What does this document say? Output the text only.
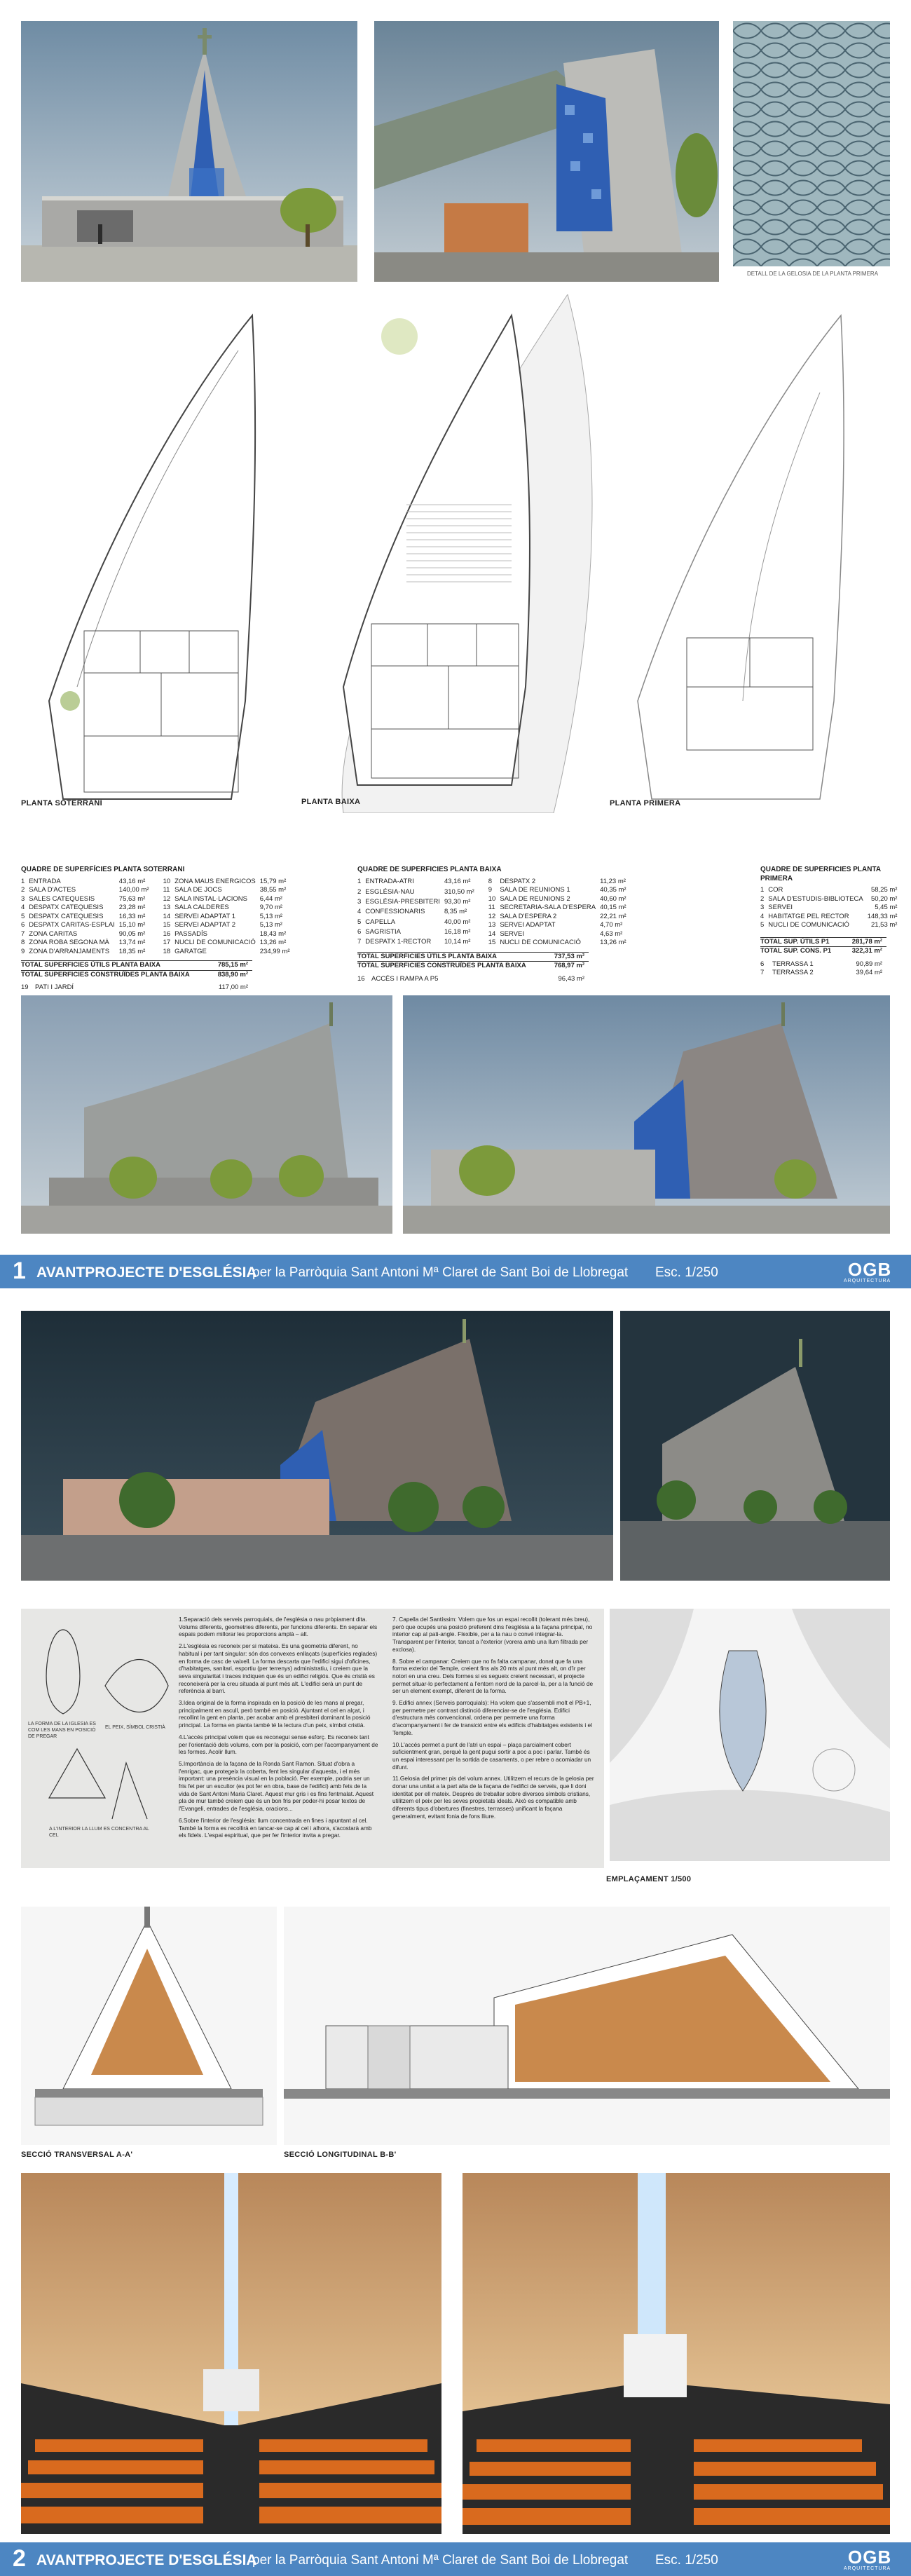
DETALL DE LA GELOSIA DE LA PLANTA PRIMERA
PLANTA SOTERRANI	PLANTA BAIXA	PLANTA PRIMERA
QUADRE DE SUPERFÍCIES PLANTA SOTERRANI
1	ENTRADA	43,16 m²
2	SALA D'ACTES	140,00 m²
3	SALES CATEQUESIS	75,63 m²
4	DESPATX CATEQUESIS	23,28 m²
5	DESPATX CATEQUESIS	16,33 m²
6	DESPATX CARITAS-ESPLAI	15,10 m²
7	ZONA CARITAS	90,05 m²
8	ZONA ROBA SEGONA MÀ	13,74 m²
9	ZONA D'ARRANJAMENTS	18,35 m²
10	ZONA MAUS ENERGICOS	15,79 m²
11	SALA DE JOCS	38,55 m²
12	SALA INSTAL·LACIONS	6,44 m²
13	SALA CALDERES	9,70 m²
14	SERVEI ADAPTAT 1	5,13 m²
15	SERVEI ADAPTAT 2	5,13 m²
16	PASSADÍS	18,43 m²
17	NUCLI DE COMUNICACIÓ	13,26 m²
18	GARATGE	234,99 m²
TOTAL SUPERFICIES ÚTILS PLANTA BAIXA	785,15 m²
TOTAL SUPERFICIES CONSTRUÏDES PLANTA BAIXA	838,90 m²
19	PATI I JARDÍ	117,00 m²
QUADRE DE SUPERFICIES PLANTA BAIXA
1	ENTRADA-ATRI	43,16 m²
2	ESGLÉSIA-NAU	310,50 m²
3	ESGLÉSIA-PRESBITERI	93,30 m²
4	CONFESSIONARIS	8,35 m²
5	CAPELLA	40,00 m²
6	SAGRISTIA	16,18 m²
7	DESPATX 1-RECTOR	10,14 m²
8	DESPATX 2	11,23 m²
9	SALA DE REUNIONS 1	40,35 m²
10	SALA DE REUNIONS 2	40,60 m²
11	SECRETARIA-SALA D'ESPERA	40,15 m²
12	SALA D'ESPERA 2	22,21 m²
13	SERVEI ADAPTAT	4,70 m²
14	SERVEI	4,63 m²
15	NUCLI DE COMUNICACIÓ	13,26 m²
TOTAL SUPERFICIES ÚTILS PLANTA BAIXA	737,53 m²
TOTAL SUPERFICIES CONSTRUÏDES PLANTA BAIXA	768,97 m²
16	ACCÉS I RAMPA A P5	96,43 m²
QUADRE DE SUPERFICIES PLANTA PRIMERA
1	COR	58,25 m²
2	SALA D'ESTUDIS-BIBLIOTECA	50,20 m²
3	SERVEI	5,45 m²
4	HABITATGE PEL RECTOR	148,33 m²
5	NUCLI DE COMUNICACIÓ	21,53 m²
TOTAL SUP. ÚTILS P1	281,78 m²
TOTAL SUP. CONS. P1	322,31 m²
6	TERRASSA 1	90,89 m²
7	TERRASSA 2	39,64 m²
1 AVANTPROJECTE D'ESGLÉSIA
per la Parròquia Sant Antoni Mª Claret de Sant Boi de Llobregat Esc. 1/250	OGB
ARQUITECTURA
LA FORMA DE LA IGLESIA ES COM LES MANS EN POSICIÓ DE PREGAR
EL PEIX, SÍMBOL CRISTIÀ
A L'INTERIOR LA LLUM ES CONCENTRA AL CEL

1.Separació dels serveis parroquials, de l'església o nau pròpiament dita. Volums diferents, geometries diferents, per funcions diferents. En separar els espais podem millorar les proporcions amplà – alt.

2.L'església es reconeix per si mateixa. Es una geometria diferent, no habitual i per tant singular: són dos convexes enllaçats (superfícies reglades) en forma de casc de vaixell. La forma descarta que l'edifici sigui d'oficines, d'habitatges, sanitari, esportiu (per terrenys) administratiu, i creiem que la seva singularitat i traces indiquen que és un edifici religiós. Que és cristià es reconeixerà per la creu situada al punt més alt. L'edifici serà un punt de referència al barri.

3.Idea original de la forma inspirada en la posició de les mans al pregar, principalment en ascull, però també en posició. Ajuntant el cel en alçat, i recollint la gent en planta, per acabar amb el presbiteri dominant la posició principal. La forma en planta també té la lectura d'un peix, símbol cristià.

4.L'accés principal volem que es reconegui sense esforç. Es reconeix tant per l'orientació dels volums, com per la posició, com per l'acompanyament de les formes. Acolir llum.

5.Importància de la façana de la Ronda Sant Ramon. Situat d'obra a l'enrigac, que protegeix la coberta, fent les singular d'aquesta, i el més important: una presència visual en la població. Per exemple, podria ser un fris fet per un escultor (es pot fer en obra, base de l'edifici) amb fets de la vida de Sant Antoni Maria Claret. Aquest mur gris i es fins fentmalat. Aquest pla de mur també creiem que és un bon fris per poder-hi posar textos de l'Evangeli, entrades de l'església, oracions...

6.Sobre l'interior de l'església: llum concentrada en fines i apuntant al cel. També la forma es recollirà en tancar-se cap al cel i alhora, s'acostarà amb els fidels. L'espai espiritual, que per fer l'interior invita a pregar.

7. Capella del Santíssim: Volem que fos un espai recollit (tolerant més breu), però que ocupés una posició preferent dins l'església a la façana principal, no interior cap al pati-angle. Flexible, per a la nau o convé integrar-la. Transparent per l'interior, tancat a l'exterior (vorera amb una llum filtrada per exclosa).

8. Sobre el campanar: Creiem que no fa falta campanar, donat que fa una forma exterior del Temple, creient fins als 20 mts al punt més alt, on d'ir per notori en una creu. Dels formes si es segueix creient necessari, el projecte permet situar-lo perfectament a l'entorn nord de la parcel·la, per a la funció de ser un element exempt, diferent de la forma.

9. Edifici annex (Serveis parroquials): Ha volem que s'assembli molt el PB+1, per permetre per contrast distinció diferenciar-se de l'església. Edifici d'estructura més convencional, ordena per permetre una forma d'acompanyament i fer de transició entre els edificis d'habitatges existents i el Temple.

10.L'accés permet a punt de l'atri un espai – plaça parcialment cobert suficientment gran, perquè la gent pugui sortir a poc a poc i parlar. També és un espai interessant per la sortida de casaments, o per rebre o acomiadar un difunt.

11.Gelosia del primer pis del volum annex. Utilitzem el recurs de la gelosia per donar una unitat a la part alta de la façana de l'edifici de serveis, que li doni identitat per ell mateix. Després de treballar sobre diversos símbols cristians, utilitzem el peix per les seves propietats ideals. Això es compatible amb diferents tipus d'obertures (finestres, terrasses) unificant la façana generalment, evitant fonia de fons lliure.

EMPLAÇAMENT 1/500
SECCIÓ TRANSVERSAL A-A'	SECCIÓ LONGITUDINAL B-B'
2 AVANTPROJECTE D'ESGLÉSIA
per la Parròquia Sant Antoni Mª Claret de Sant Boi de Llobregat Esc. 1/250	OGB
ARQUITECTURA
